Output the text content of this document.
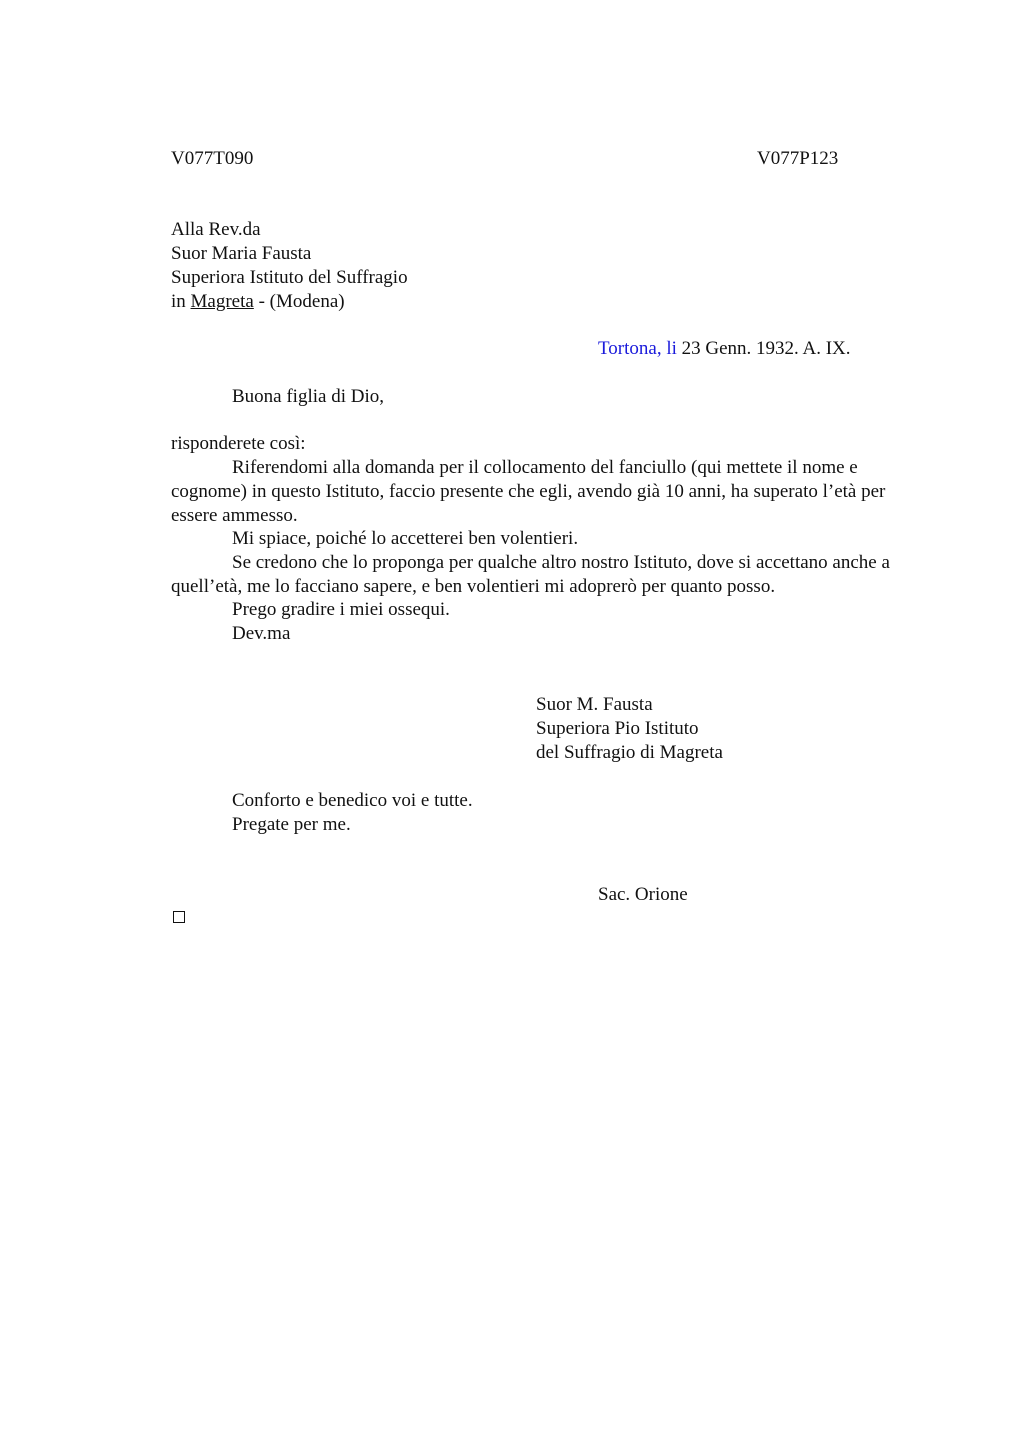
V077T090	V077P123
Alla Rev.da
Suor Maria Fausta
Superiora Istituto del Suffragio
in Magreta - (Modena)
Tortona, li 23 Genn. 1932. A. IX.
Buona figlia di Dio,
risponderete così:
Riferendomi alla domanda per il collocamento del fanciullo (qui mettete il nome e cognome) in questo Istituto, faccio presente che egli, avendo già 10 anni, ha superato l’età per essere ammesso.
Mi spiace, poiché lo accetterei ben volentieri.
Se credono che lo proponga per qualche altro nostro Istituto, dove si accettano anche a quell’età, me lo facciano sapere, e ben volentieri mi adoprerò per quanto posso.
Prego gradire i miei ossequi.
Dev.ma
Suor M. Fausta
Superiora Pio Istituto
del Suffragio di Magreta
Conforto e benedico voi e tutte.
Pregate per me.
Sac. Orione
